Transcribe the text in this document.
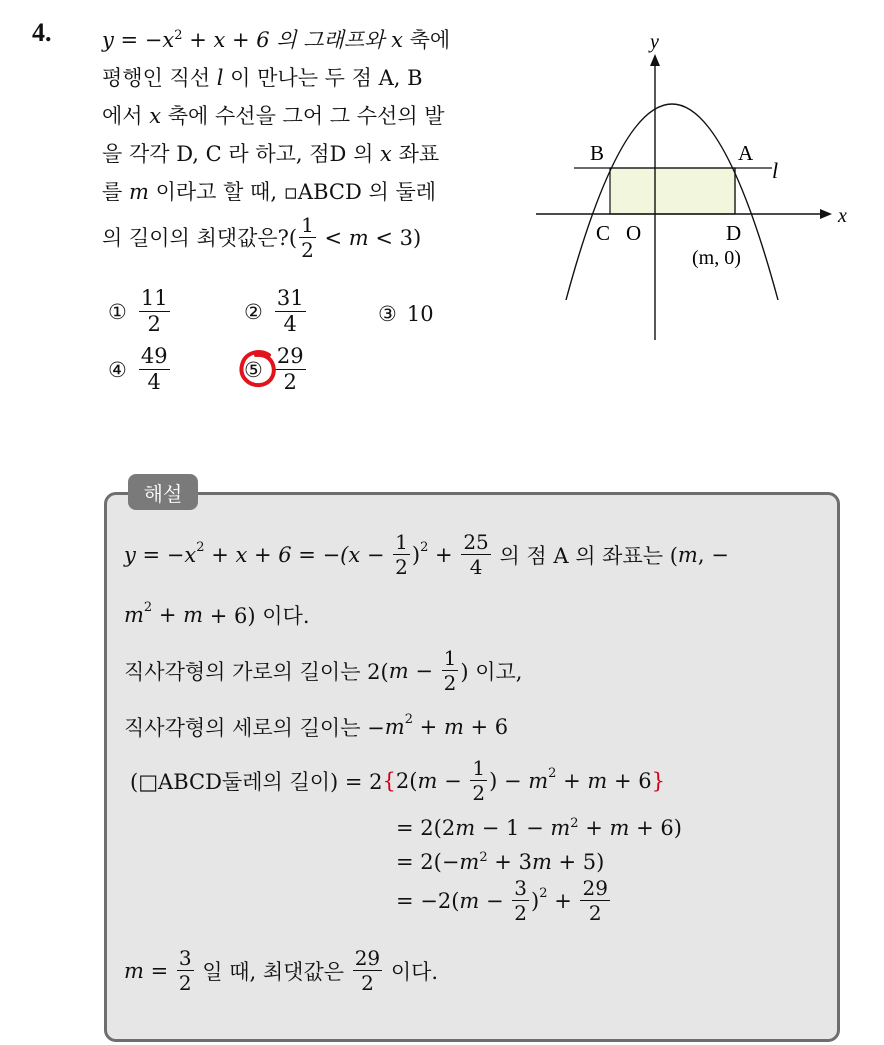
4. $y = -x^2 + x + 6$ 의 그래프와 x 축에
평행인 직선 l 이 만나는 두 점 A, B
에서 x 축에 수선을 그어 그 수선의 발
을 각각 D, C 라 하고, 점D 의 x 좌표
를 m 이라고 할 때, ▫ABCD 의 둘레
의 길이의 최댓값은?( $\frac{1}{2} < m < 3$)
① $\frac{11}{2}$	② $\frac{31}{4}$	③ 10
④ $\frac{49}{4}$	⑤ $\frac{29}{2}$
y
x
l
A
B
C O	D
(m, 0)
해설
$y = -x^2 + x + 6 = -(x - \frac{1}{2} )^2 + \frac{25}{4}$ 의 점 A 의 좌표는 ( m , −
$m^2 + m + 6$) 이다.
직사각형의 가로의 길이는 2( $m - \frac{1}{2}$ ) 이고,
직사각형의 세로의 길이는 − $m^2 + m + 6$
(□ABCD둘레의 길이) = 2 { 2( $m - \frac{1}{2}$ ) − $m^2 + m + 6$ }
= 2(2 $m - 1 - m^2 + m + 6$)
= $2(- m^2 + 3$ m + 5)
= −2( $m - \frac{3}{2} )^2 + \frac{29}{2}$
$m = \frac{3}{2}$ 일 때, 최댓값은 $\frac{29}{2}$ 이다.
